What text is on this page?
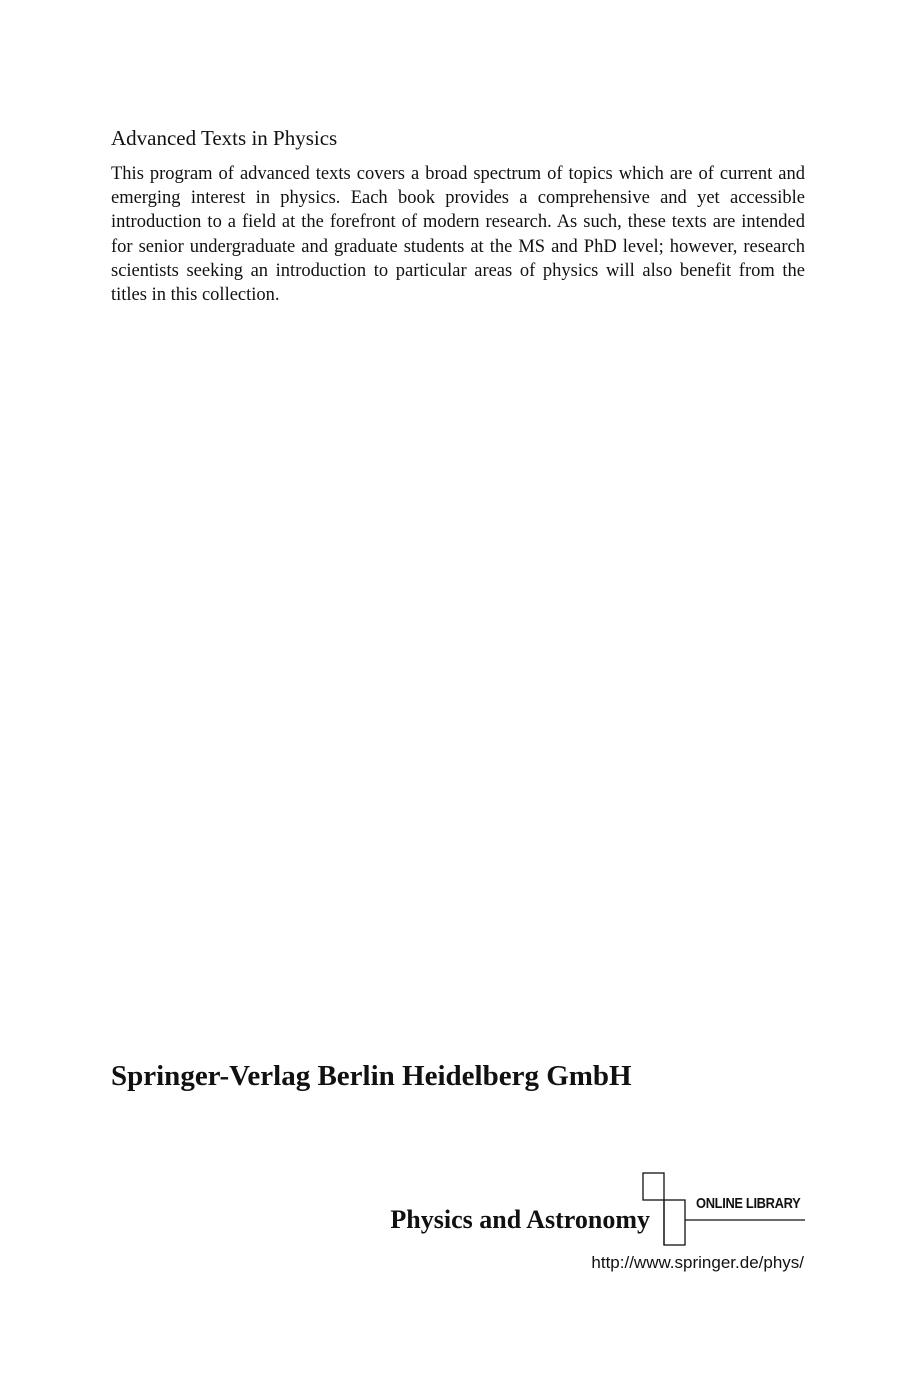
Advanced Texts in Physics

This program of advanced texts covers a broad spectrum of topics which are of current and emerging interest in physics. Each book provides a comprehensive and yet accessible introduction to a field at the forefront of modern research. As such, these texts are intended for senior undergraduate and graduate students at the MS and PhD level; however, research scientists seeking an introduction to particular areas of physics will also benefit from the titles in this collection.

Springer-Verlag Berlin Heidelberg GmbH
Physics and Astronomy
ONLINE LIBRARY
http://www.springer.de/phys/
